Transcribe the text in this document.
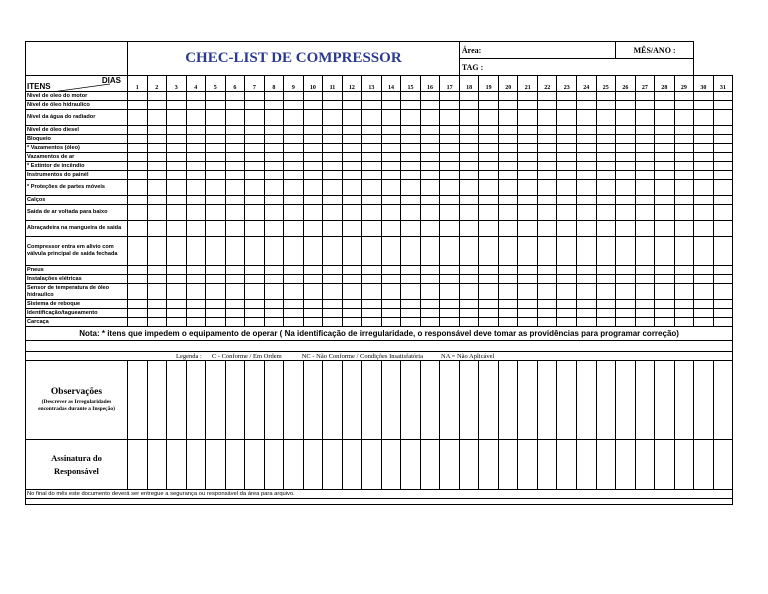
	CHEC-LIST DE COMPRESSOR																	Área:								MÊS/ANO :					
																		TAG :													

ITENS
DIAS	1	2	3	4	5	6	7	8	9	10	11	12	13	14	15	16	17	18	19	20	21	22	23	24	25	26	27	28	29	30	31
Nivel de oleo do motor																															
Nível de óleo hidraulico																															
Nível da água do radiador																															
Nível de óleo diesel																															
Bloqueio																															
* Vazamentos (óleo)																															
Vazamentos de ar																															
* Extintor de incêndio																															
Instrumentos do painél																															
* Proteções de partes móveis																															
Calços																															
Saida de ar voltada para baixo																															
Abraçadeira na mangueira de saida																															
Compressor entra em alivio com válvula principal de saida fechada																															
Pneus																															
Instalações elétricas																															
Sensor de temperatura de óleo hidraulico																															
Sistema de reboque																															
Identificação/tagueamento																															
Carcaça																															
Nota: * itens que impedem o equipamento de operar ( Na identificação de irregularidade, o responsável deve tomar as providências para programar correção)																															

Legenda : C - Conforme / Em Ordem NC - Não Conforme / Condições Insatisfatória NA = Não Aplicável																															

Observações
(Descrever as Irregularidades encontradas durante a Inspeção)																															

Assinatura do Responsável																															
No final do mês este documento deverá ser entregue a segurança ou responsável da área para arquivo.																															
